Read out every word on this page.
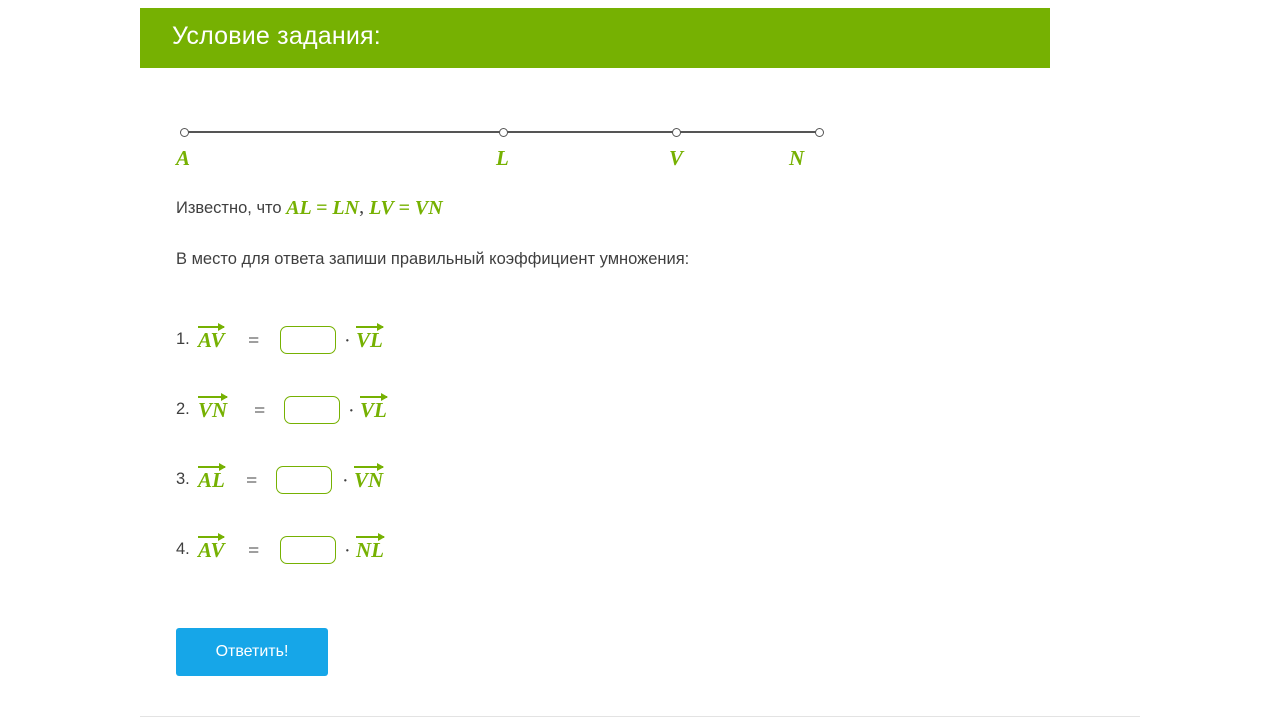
Условие задания:
A	L	V	N
Известно, что AL = LN, LV = VN
В место для ответа запиши правильный коэффициент умножения:
1. AV =	· VL
2. VN =	· VL
3. AL =	· VN
4. AV =	· NL
Ответить!
